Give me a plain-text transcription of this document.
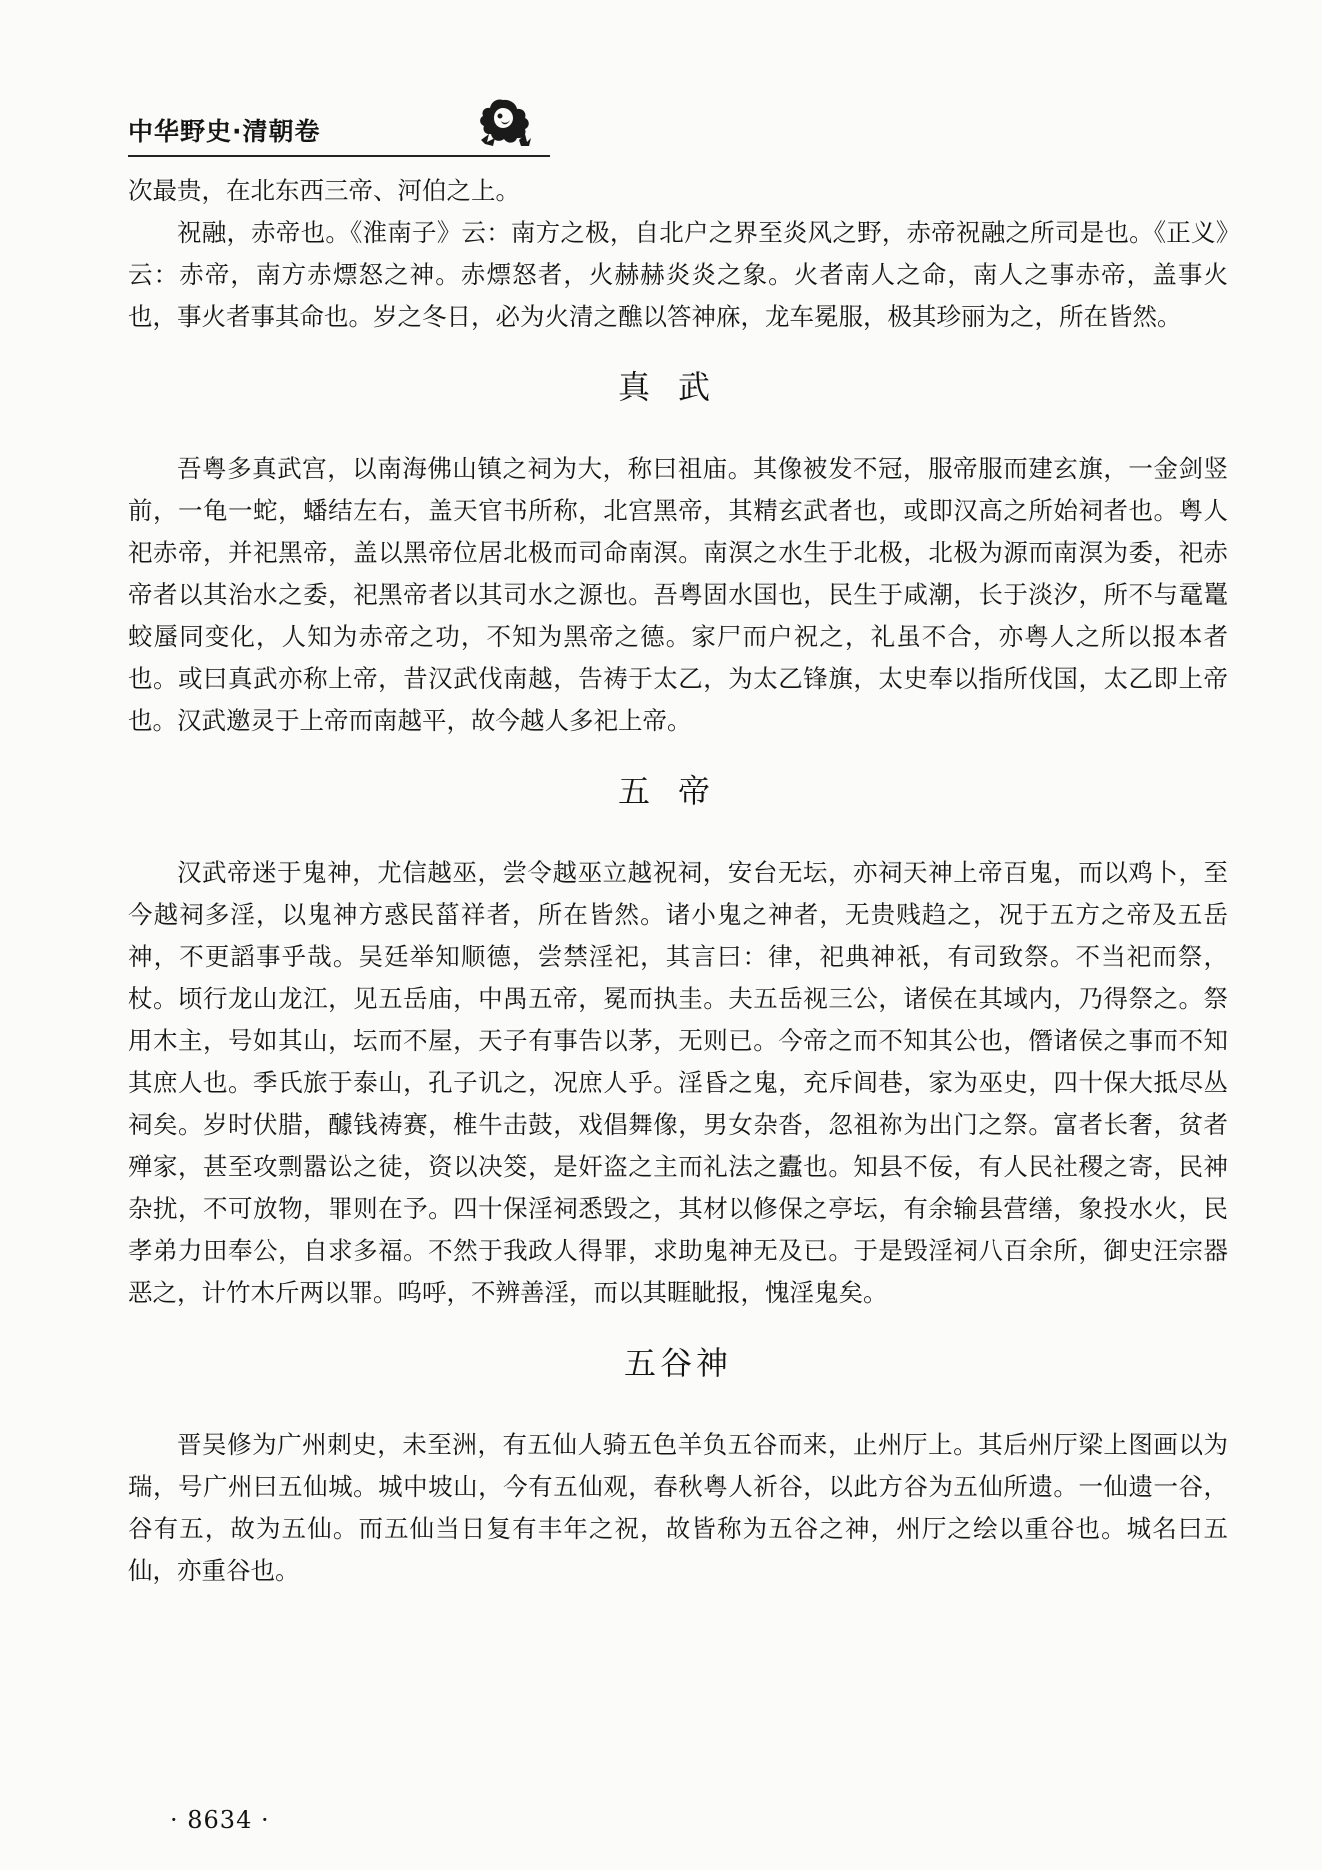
中华野史·清朝卷

次最贵，在北东西三帝、河伯之上。

祝融，赤帝也。《淮南子》云：南方之极，自北户之界至炎风之野，赤帝祝融之所司是也。《正义》云：赤帝，南方赤熛怒之神。赤熛怒者，火赫赫炎炎之象。火者南人之命，南人之事赤帝，盖事火也，事火者事其命也。岁之冬日，必为火清之醮以答神庥，龙车冕服，极其珍丽为之，所在皆然。

真武

吾粤多真武宫，以南海佛山镇之祠为大，称曰祖庙。其像被发不冠，服帝服而建玄旗，一金剑竖前，一龟一蛇，蟠结左右，盖天官书所称，北宫黑帝，其精玄武者也，或即汉高之所始祠者也。粤人祀赤帝，并祀黑帝，盖以黑帝位居北极而司命南溟。南溟之水生于北极，北极为源而南溟为委，祀赤帝者以其治水之委，祀黑帝者以其司水之源也。吾粤固水国也，民生于咸潮，长于淡汐，所不与鼋鼍蛟蜃同变化，人知为赤帝之功，不知为黑帝之德。家尸而户祝之，礼虽不合，亦粤人之所以报本者也。或曰真武亦称上帝，昔汉武伐南越，告祷于太乙，为太乙锋旗，太史奉以指所伐国，太乙即上帝也。汉武邀灵于上帝而南越平，故今越人多祀上帝。

五帝

汉武帝迷于鬼神，尤信越巫，尝令越巫立越祝祠，安台无坛，亦祠天神上帝百鬼，而以鸡卜，至今越祠多淫，以鬼神方惑民菑祥者，所在皆然。诸小鬼之神者，无贵贱趋之，况于五方之帝及五岳神，不更謟事乎哉。吴廷举知顺德，尝禁淫祀，其言曰：律，祀典神祇，有司致祭。不当祀而祭，杖。顷行龙山龙江，见五岳庙，中禺五帝，冕而执圭。夫五岳视三公，诸侯在其域内，乃得祭之。祭用木主，号如其山，坛而不屋，天子有事告以茅，无则已。今帝之而不知其公也，僭诸侯之事而不知其庶人也。季氏旅于泰山，孔子讥之，况庶人乎。淫昏之鬼，充斥闾巷，家为巫史，四十保大抵尽丛祠矣。岁时伏腊，醵钱祷赛，椎牛击鼓，戏倡舞像，男女杂沓，忽祖祢为出门之祭。富者长奢，贫者殚家，甚至攻剽嚣讼之徒，资以决筊，是奸盗之主而礼法之蠹也。知县不佞，有人民社稷之寄，民神杂扰，不可放物，罪则在予。四十保淫祠悉毁之，其材以修保之亭坛，有余输县营缮，象投水火，民孝弟力田奉公，自求多福。不然于我政人得罪，求助鬼神无及已。于是毁淫祠八百余所，御史汪宗器恶之，计竹木斤两以罪。呜呼，不辨善淫，而以其睚眦报，愧淫鬼矣。

五谷神

晋吴修为广州刺史，未至洲，有五仙人骑五色羊负五谷而来，止州厅上。其后州厅梁上图画以为瑞，号广州曰五仙城。城中坡山，今有五仙观，春秋粤人祈谷，以此方谷为五仙所遗。一仙遗一谷，谷有五，故为五仙。而五仙当日复有丰年之祝，故皆称为五谷之神，州厅之绘以重谷也。城名曰五仙，亦重谷也。

· 8634 ·
